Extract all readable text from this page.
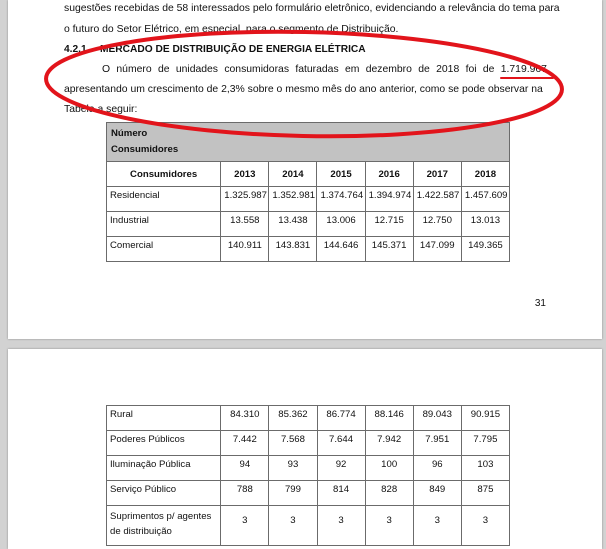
sugestões recebidas de 58 interessados pelo formulário eletrônico, evidenciando a relevância do tema para
o futuro do Setor Elétrico, em especial, para o segmento de Distribuição.
4.2.1 MERCADO DE DISTRIBUIÇÃO DE ENERGIA ELÉTRICA
O número de unidades consumidoras faturadas em dezembro de 2018 foi de 1.719.967,
apresentando um crescimento de 2,3% sobre o mesmo mês do ano anterior, como se pode observar na
Tabela a seguir:
Número Consumidores						

Consumidores	2013	2014	2015	2016	2017	2018
Residencial	1.325.987	1.352.981	1.374.764	1.394.974	1.422.587	1.457.609
Industrial	13.558	13.438	13.006	12.715	12.750	13.013
Comercial	140.911	143.831	144.646	145.371	147.099	149.365
31
Rural	84.310	85.362	86.774	88.146	89.043	90.915
Poderes Públicos	7.442	7.568	7.644	7.942	7.951	7.795
Iluminação Pública	94	93	92	100	96	103
Serviço Público	788	799	814	828	849	875
Suprimentos p/ agentes de distribuição	3	3	3	3	3	3
